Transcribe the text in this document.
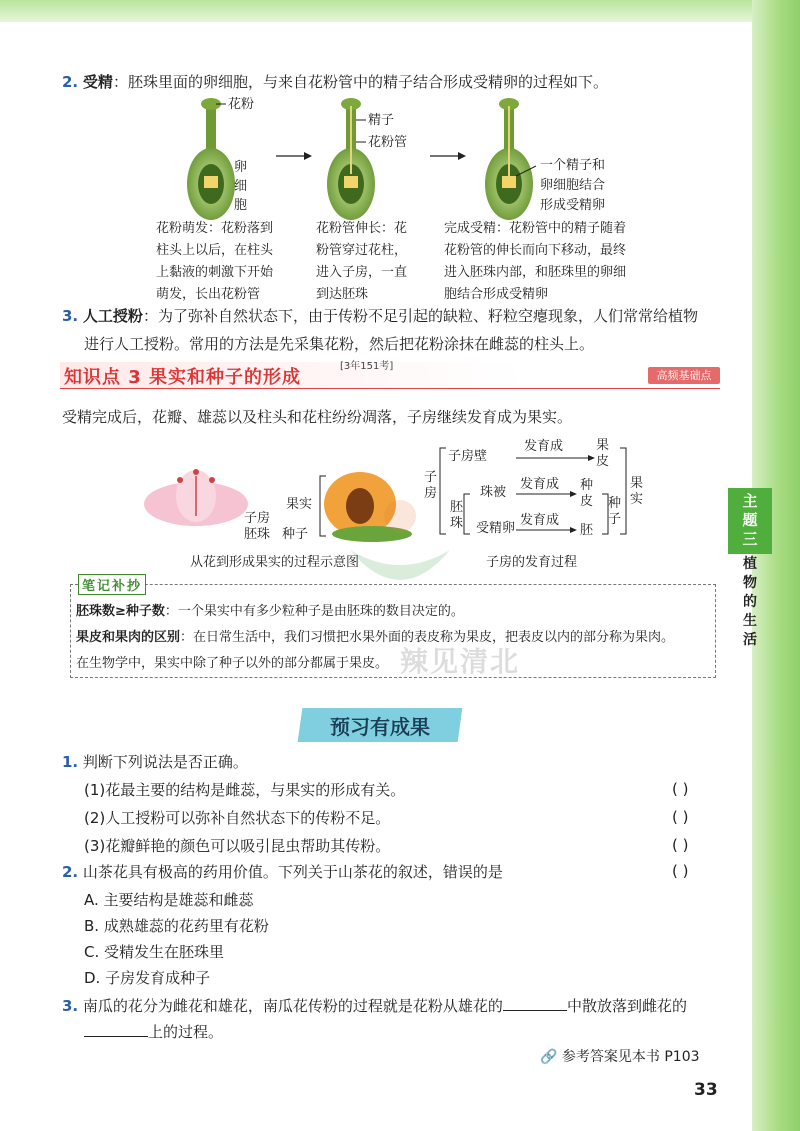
主
题
三
植
物
的
生
活
2. 受精：胚珠里面的卵细胞，与来自花粉管中的精子结合形成受精卵的过程如下。
花粉
卵
细
胞
精子
花粉管
一个精子和
卵细胞结合
形成受精卵
花粉萌发：花粉落到
柱头上以后，在柱头
上黏液的刺激下开始
萌发，长出花粉管
花粉管伸长：花
粉管穿过花柱，
进入子房，一直
到达胚珠
完成受精：花粉管中的精子随着
花粉管的伸长而向下移动，最终
进入胚珠内部，和胚珠里的卵细
胞结合形成受精卵
3. 人工授粉：为了弥补自然状态下，由于传粉不足引起的缺粒、籽粒空瘪现象，人们常常给植物
进行人工授粉。常用的方法是先采集花粉，然后把花粉涂抹在雌蕊的柱头上。
知识点 3 果实和种子的形成
[3年151考]
高频基础点
受精完成后，花瓣、雄蕊以及柱头和花柱纷纷凋落，子房继续发育成为果实。
果实
子房
胚珠 种子
从花到形成果实的过程示意图
子房
子房壁
胚珠
珠被
受精卵
发育成
发育成
发育成
果皮
种皮
胚
种子
果实
子房的发育过程
辣见清北
笔记补抄
胚珠数≥种子数：一个果实中有多少粒种子是由胚珠的数目决定的。
果皮和果肉的区别：在日常生活中，我们习惯把水果外面的表皮称为果皮，把表皮以内的部分称为果肉。
在生物学中，果实中除了种子以外的部分都属于果皮。
预习有成果
1. 判断下列说法是否正确。
(1)花最主要的结构是雌蕊，与果实的形成有关。	( )
(2)人工授粉可以弥补自然状态下的传粉不足。	( )
(3)花瓣鲜艳的颜色可以吸引昆虫帮助其传粉。	( )
2. 山茶花具有极高的药用价值。下列关于山茶花的叙述，错误的是	( )
A. 主要结构是雄蕊和雌蕊
B. 成熟雄蕊的花药里有花粉
C. 受精发生在胚珠里
D. 子房发育成种子
3. 南瓜的花分为雌花和雄花，南瓜花传粉的过程就是花粉从雄花的	中散放落到雌花的
上的过程。
🔗 参考答案见本书 P103
33
